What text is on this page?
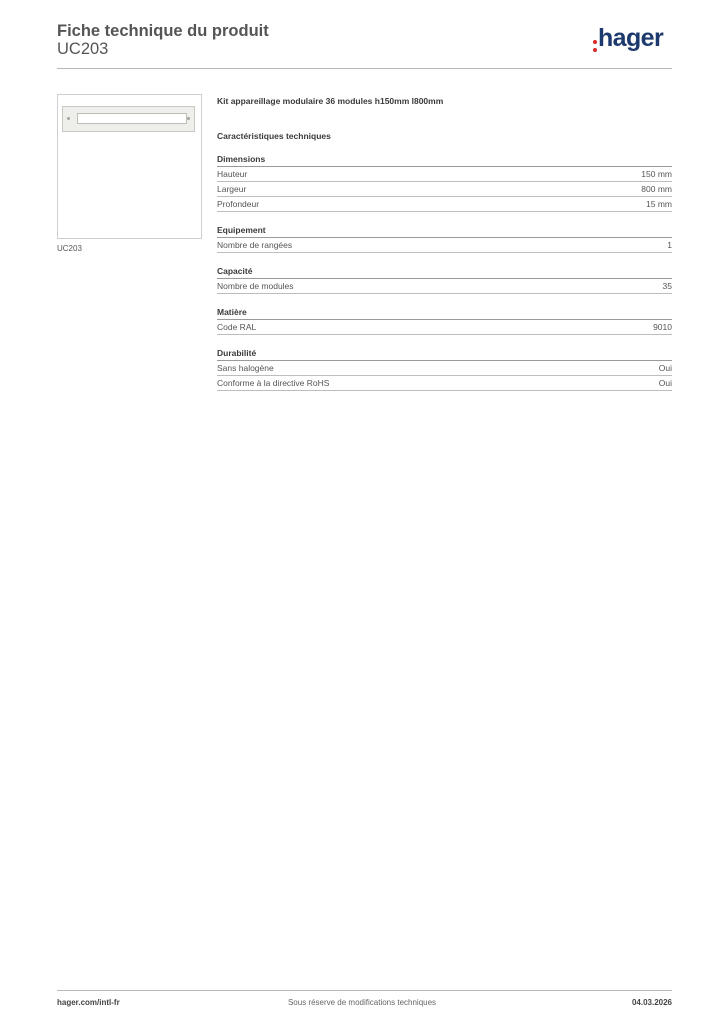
Fiche technique du produit
UC203	hager
UC203

Kit appareillage modulaire 36 modules h150mm l800mm

Caractéristiques techniques

Dimensions
Hauteur	150 mm
Largeur	800 mm
Profondeur	15 mm
Equipement
Nombre de rangées	1
Capacité
Nombre de modules	35
Matière
Code RAL	9010
Durabilité
Sans halogène	Oui
Conforme à la directive RoHS	Oui
hager.com/intl-fr	Sous réserve de modifications techniques	04.03.2026
